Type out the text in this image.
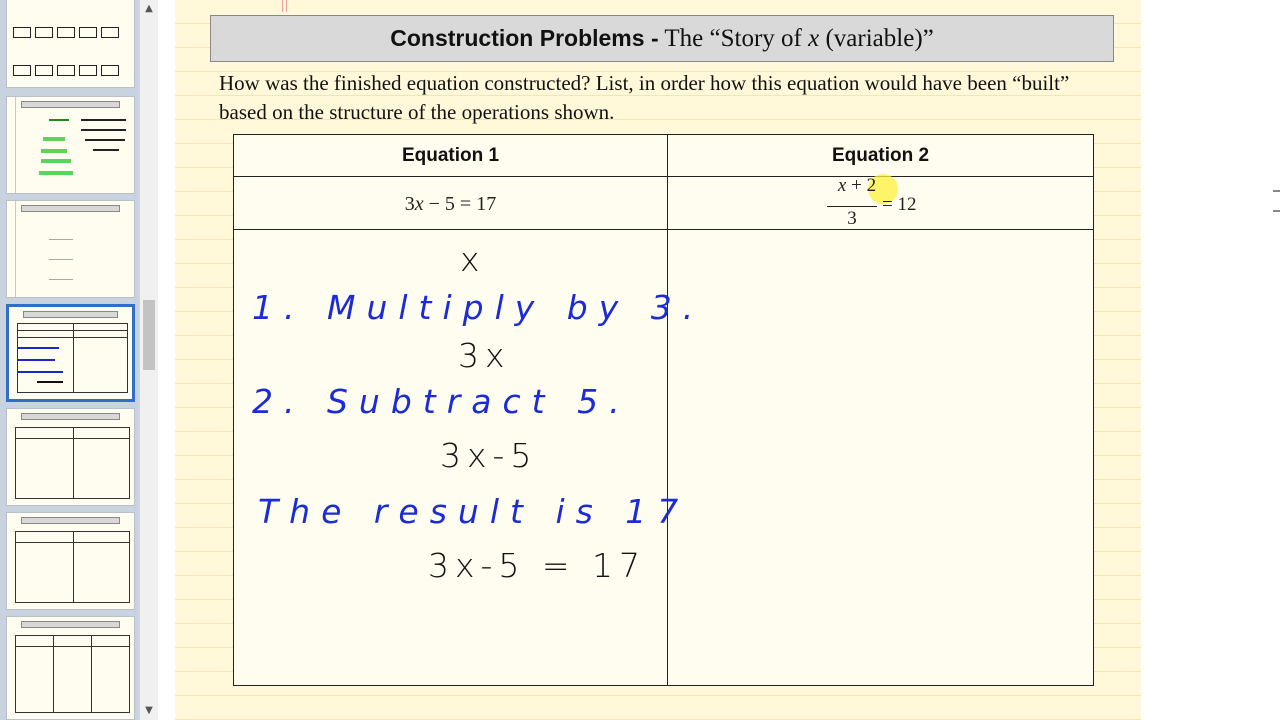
▲
▼
Construction Problems - The “Story of x (variable)”
How was the finished equation constructed? List, in order how this equation would have been “built” based on the structure of the operations shown.
Equation 1	Equation 2
3x − 5 = 17
x + 2
3
= 12
x
1. Multiply by 3.
3x
2. Subtract 5.
3x-5
The result is 17
3x-5 = 17
